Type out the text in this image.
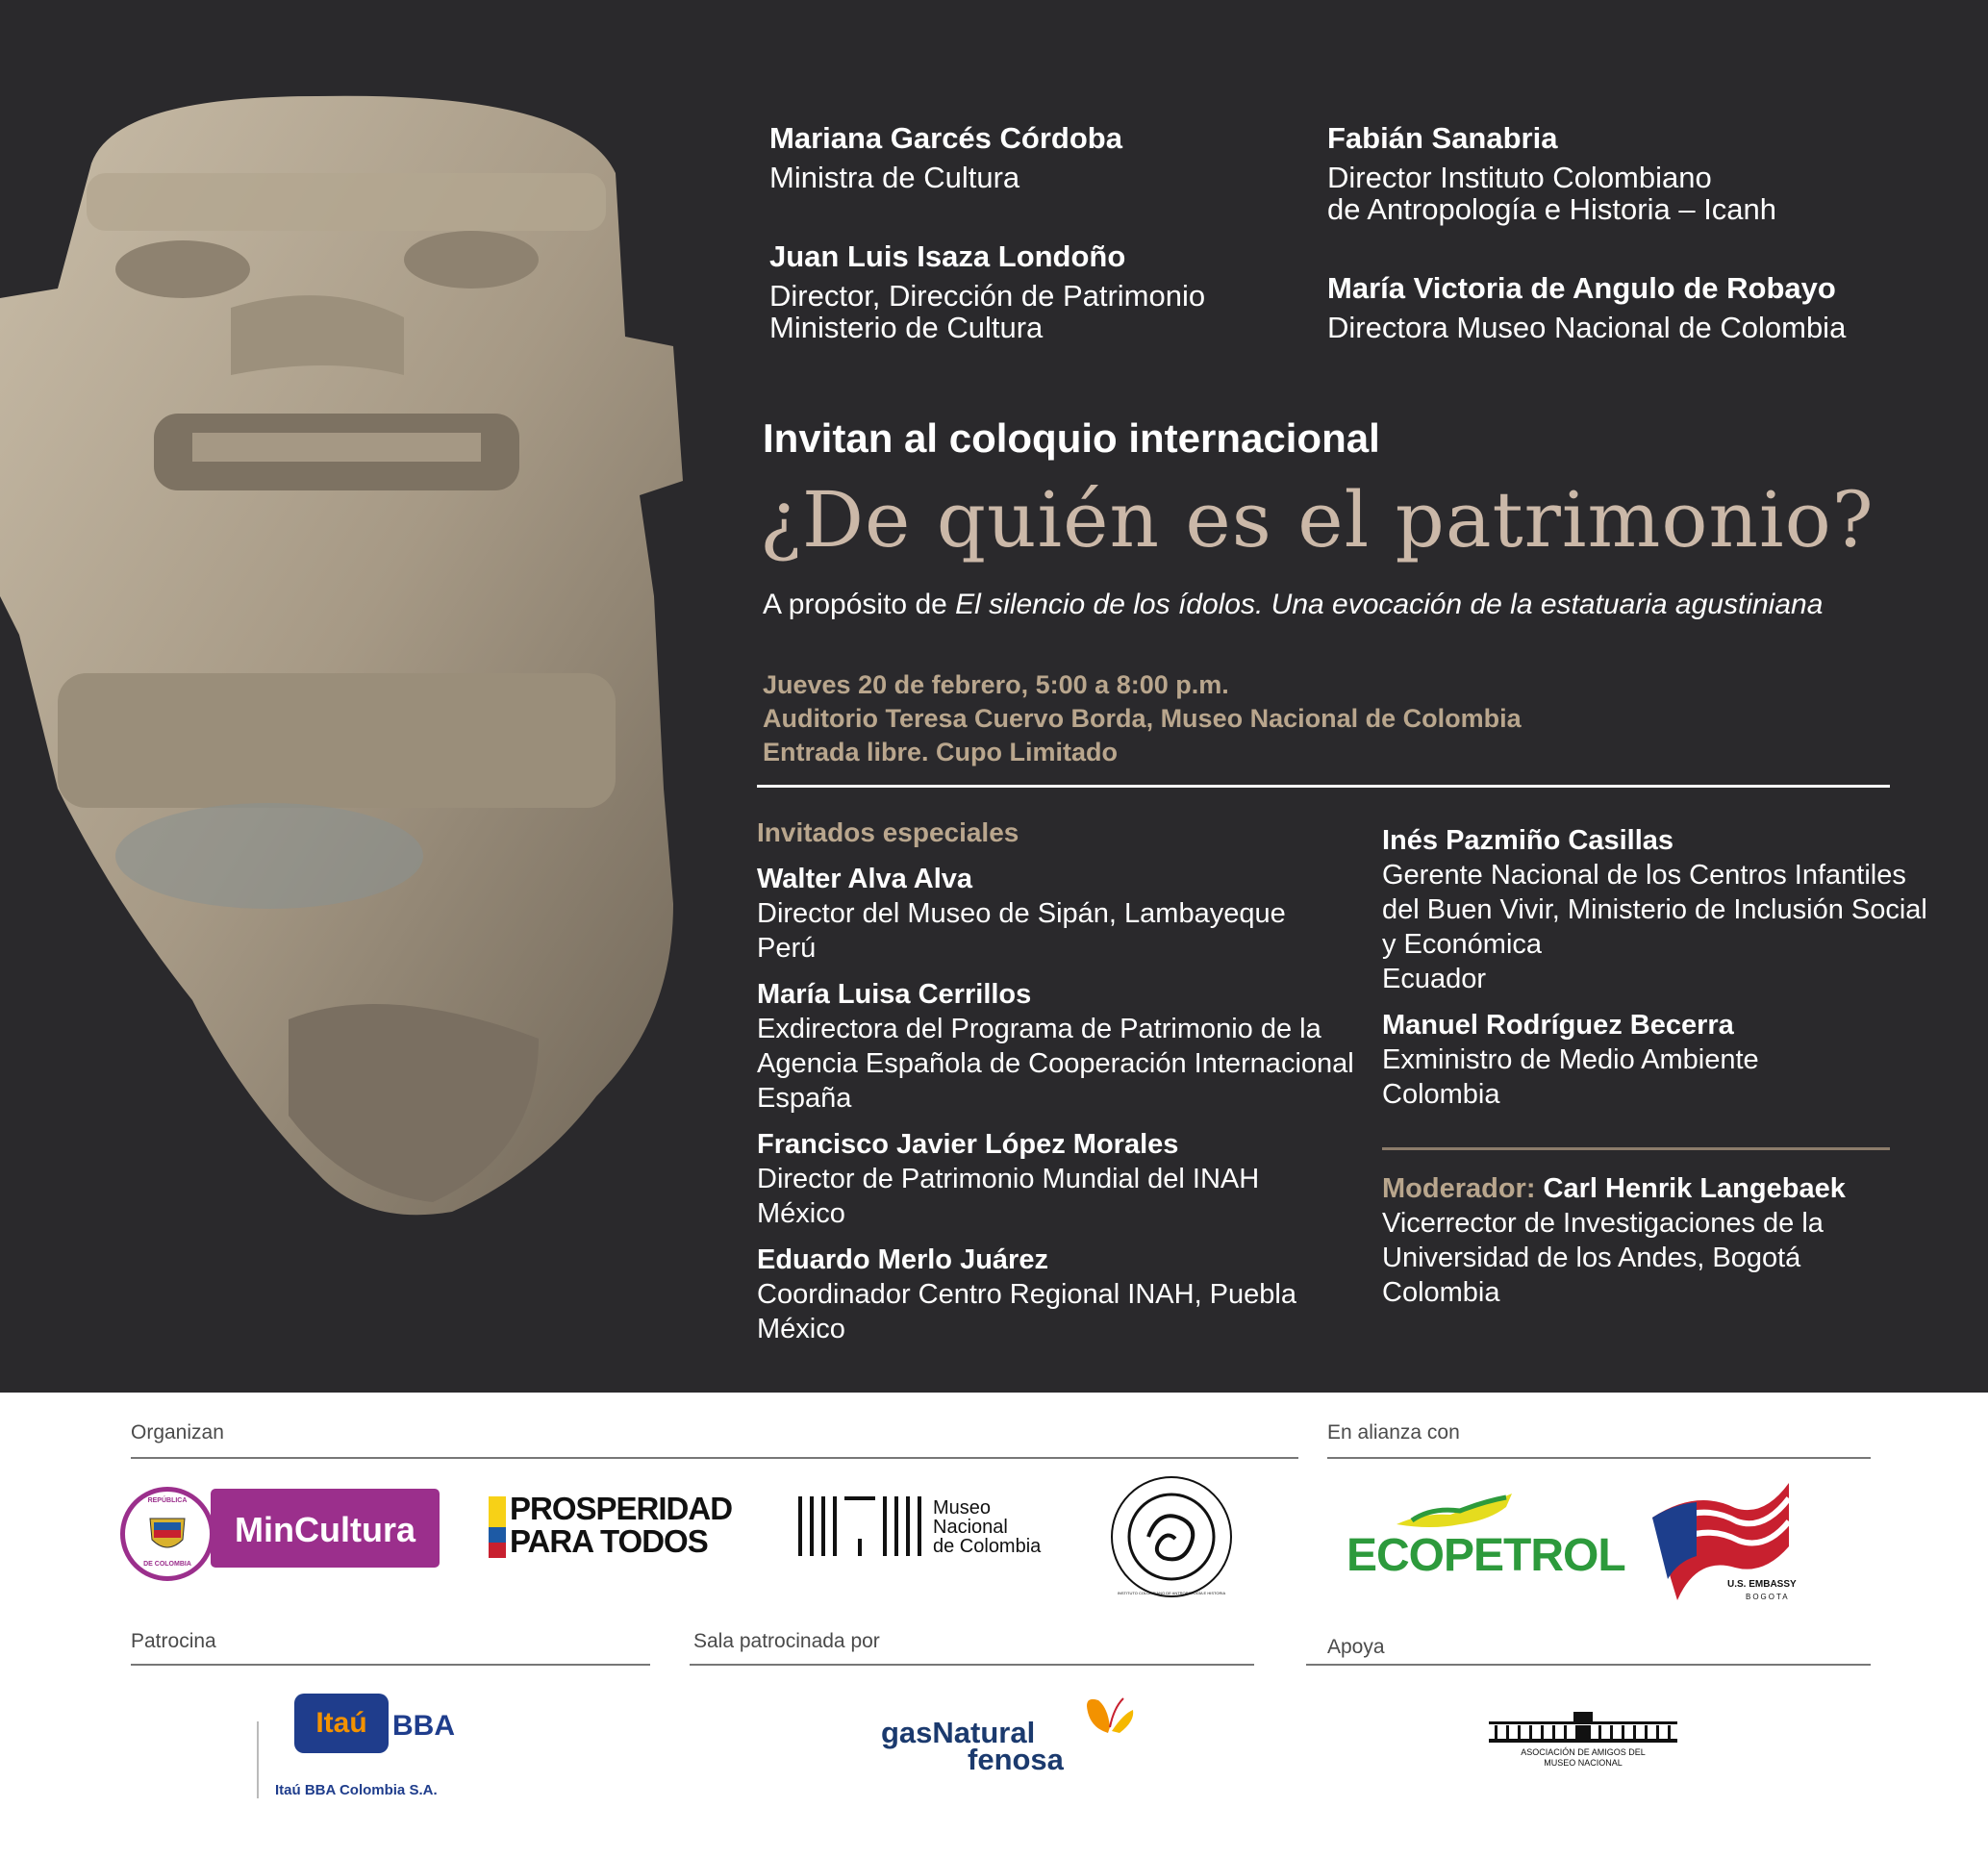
Mariana Garcés Córdoba
Ministra de Cultura
Fabián Sanabria
Director Instituto Colombiano
de Antropología e Historia – Icanh
Juan Luis Isaza Londoño
Director, Dirección de Patrimonio
Ministerio de Cultura
María Victoria de Angulo de Robayo
Directora Museo Nacional de Colombia
Invitan al coloquio internacional
¿De quién es el patrimonio?
A propósito de El silencio de los ídolos. Una evocación de la estatuaria agustiniana
Jueves 20 de febrero, 5:00 a 8:00 p.m.
Auditorio Teresa Cuervo Borda, Museo Nacional de Colombia
Entrada libre. Cupo Limitado
Invitados especiales
Walter Alva Alva
Director del Museo de Sipán, Lambayeque
Perú
María Luisa Cerrillos
Exdirectora del Programa de Patrimonio de la
Agencia Española de Cooperación Internacional
España
Francisco Javier López Morales
Director de Patrimonio Mundial del INAH
México
Eduardo Merlo Juárez
Coordinador Centro Regional INAH, Puebla
México
Inés Pazmiño Casillas
Gerente Nacional de los Centros Infantiles
del Buen Vivir, Ministerio de Inclusión Social
y Económica
Ecuador
Manuel Rodríguez Becerra
Exministro de Medio Ambiente
Colombia
Moderador: Carl Henrik Langebaek
Vicerrector de Investigaciones de la
Universidad de los Andes, Bogotá
Colombia
Organizan	En alianza con
Patrocina	Sala patrocinada por	Apoya
REPÚBLICA
DE COLOMBIA
MinCultura
PROSPERIDAD
PARA TODOS
Museo
Nacional
de Colombia
INSTITUTO COLOMBIANO DE ANTROPOLOGÍA E HISTORIA
ECOPETROL
U.S. EMBASSY
BOGOTA
Itaú BBA
Itaú BBA Colombia S.A.
gasNatural
fenosa	ASOCIACIÓN DE AMIGOS DEL
MUSEO NACIONAL
